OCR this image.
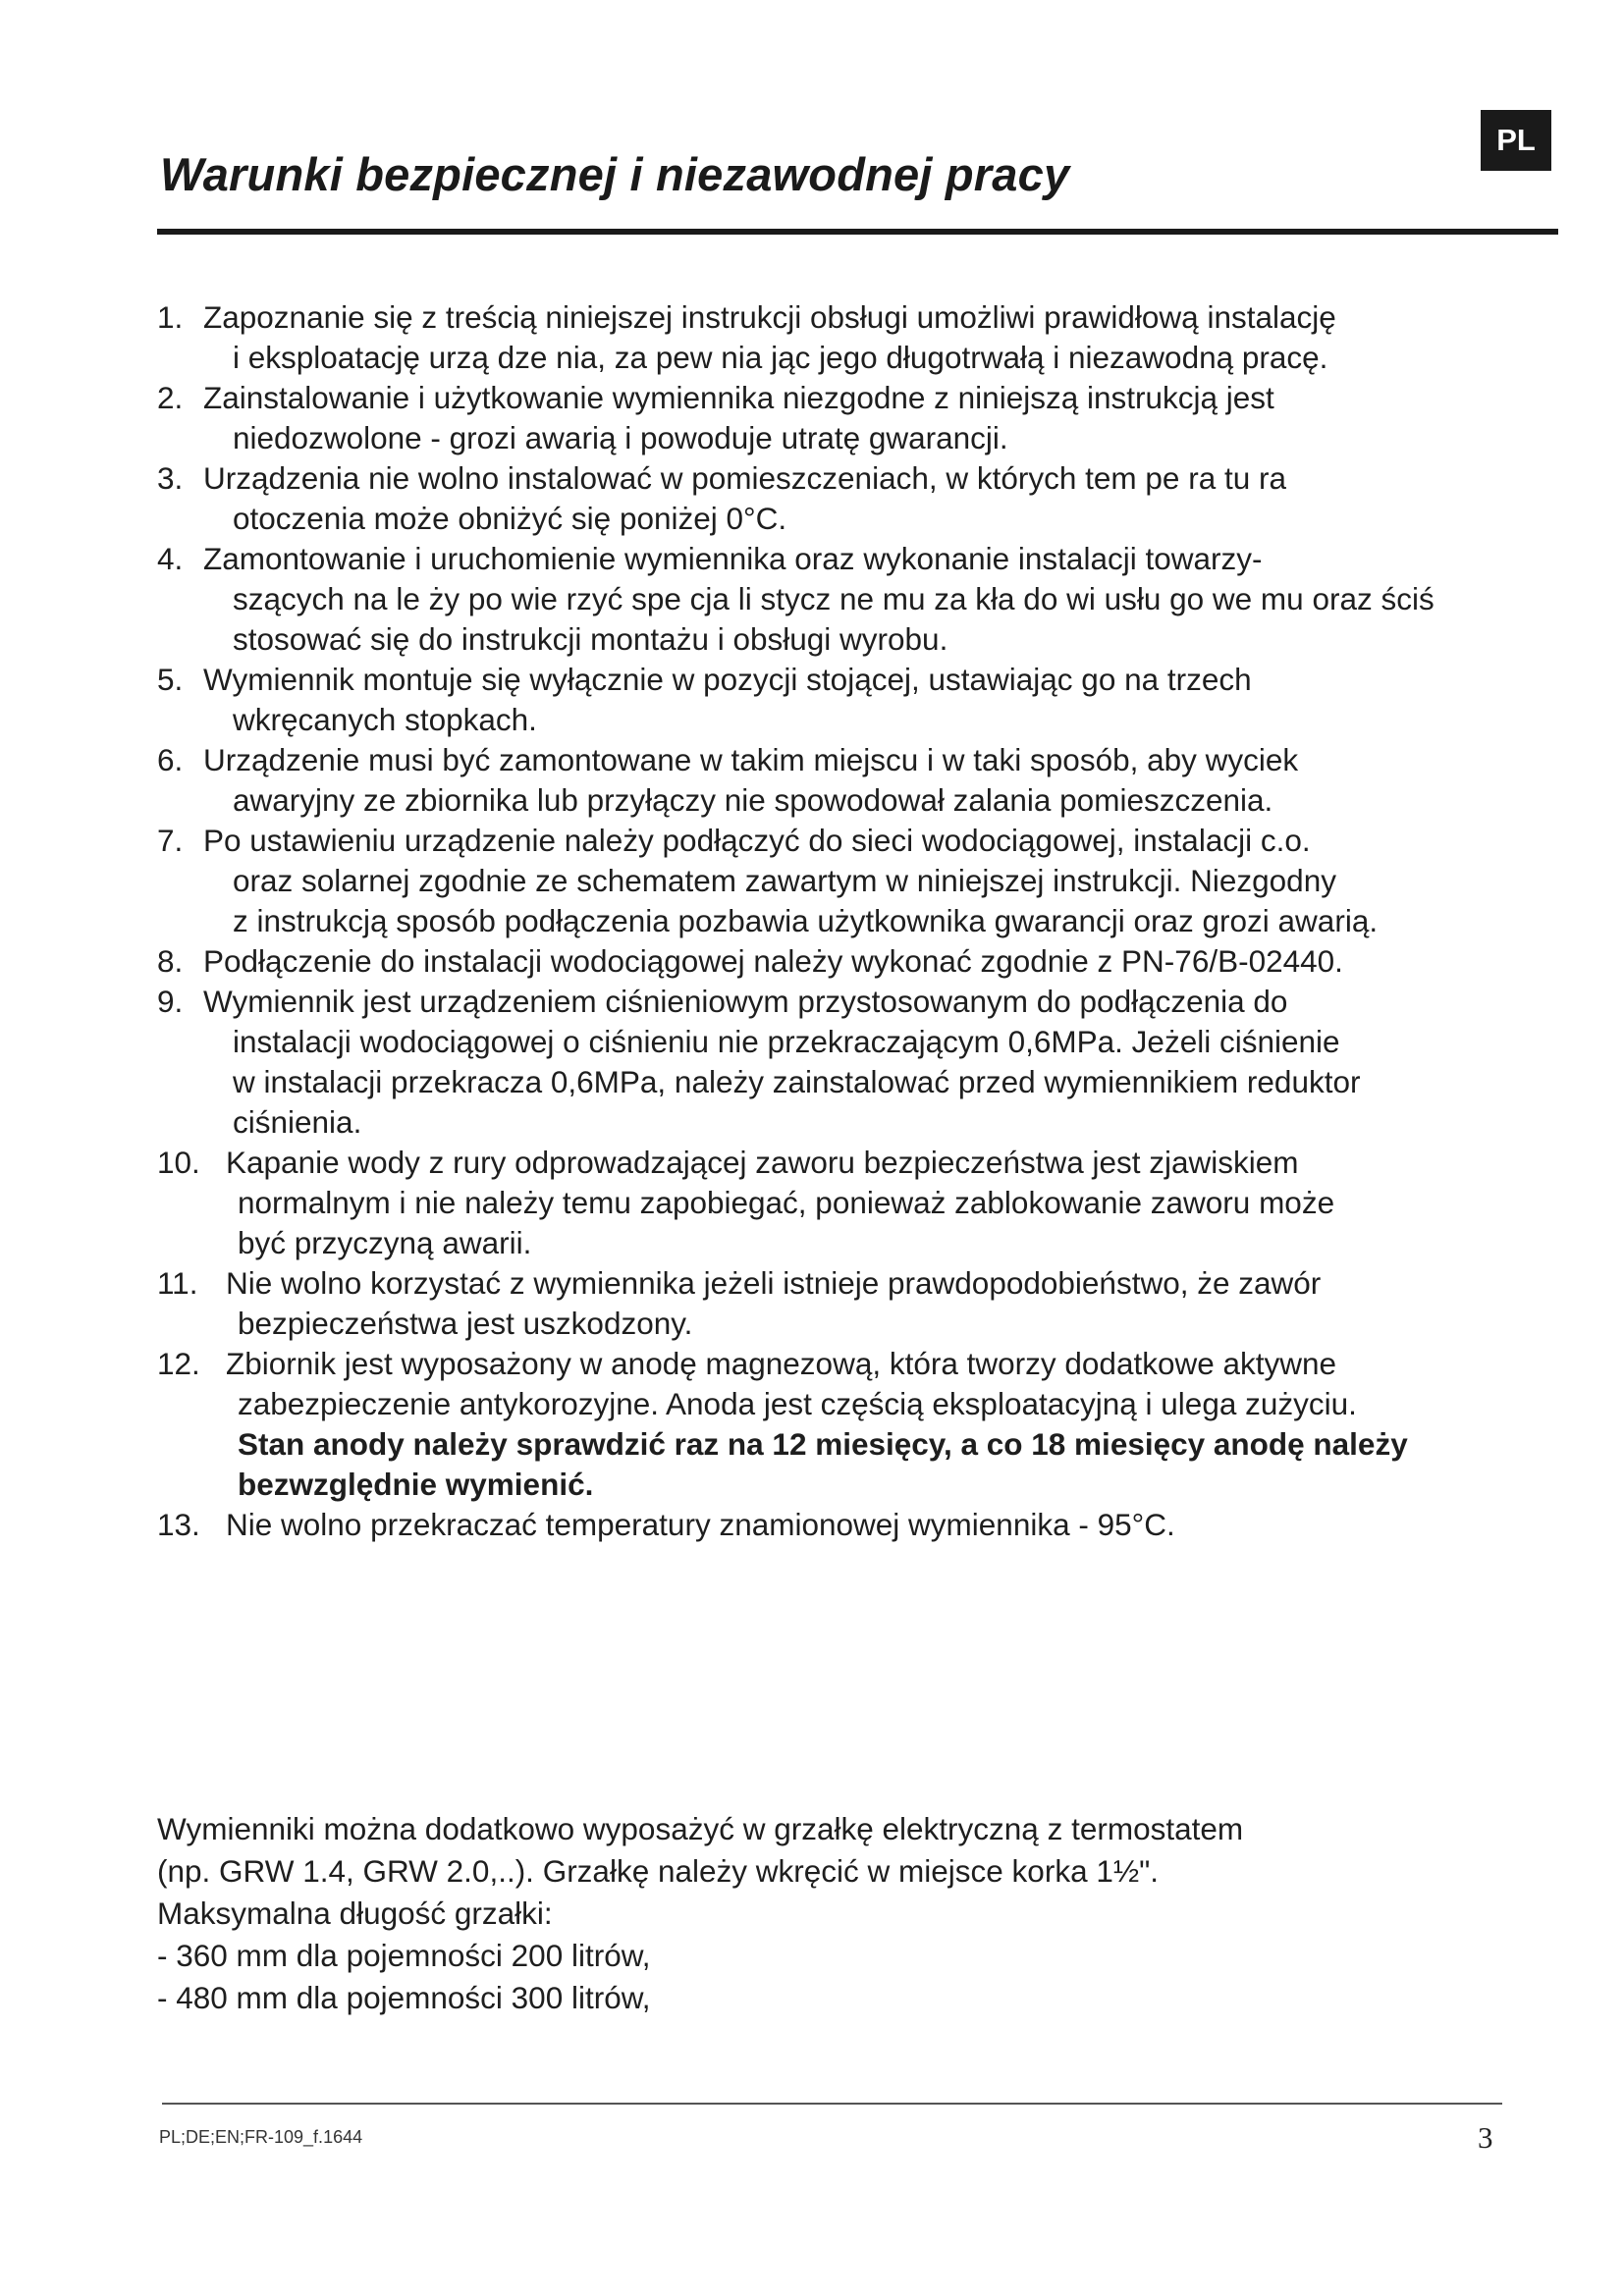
PL
Warunki bezpiecznej i niezawodnej pracy
1. Zapoznanie się z treścią niniejszej instrukcji obsługi umożliwi prawidłową instalację
i eksploatację urzą dze nia, za pew nia jąc jego długotrwałą i niezawodną pracę.
2. Zainstalowanie i użytkowanie wymiennika niezgodne z niniejszą instrukcją jest
niedozwolone - grozi awarią i powoduje utratę gwarancji.
3. Urządzenia nie wolno instalować w pomieszczeniach, w których tem pe ra tu ra
otoczenia może obniżyć się poniżej 0°C.
4. Zamontowanie i uruchomienie wymiennika oraz wykonanie instalacji towarzy-
szących na le ży po wie rzyć spe cja li stycz ne mu za kła do wi usłu go we mu oraz ściś
stosować się do instrukcji montażu i obsługi wyrobu.
5. Wymiennik montuje się wyłącznie w pozycji stojącej, ustawiając go na trzech
wkręcanych stopkach.
6. Urządzenie musi być zamontowane w takim miejscu i w taki sposób, aby wyciek
awaryjny ze zbiornika lub przyłączy nie spowodował zalania pomieszczenia.
7. Po ustawieniu urządzenie należy podłączyć do sieci wodociągowej, instalacji c.o.
oraz solarnej zgodnie ze schematem zawartym w niniejszej instrukcji. Niezgodny
z instrukcją sposób podłączenia pozbawia użytkownika gwarancji oraz grozi awarią.
8. Podłączenie do instalacji wodociągowej należy wykonać zgodnie z PN-76/B-02440.
9. Wymiennik jest urządzeniem ciśnieniowym przystosowanym do podłączenia do
instalacji wodociągowej o ciśnieniu nie przekraczającym 0,6MPa. Jeżeli ciśnienie
w instalacji przekracza 0,6MPa, należy zainstalować przed wymiennikiem reduktor
ciśnienia.
10. Kapanie wody z rury odprowadzającej zaworu bezpieczeństwa jest zjawiskiem
normalnym i nie należy temu zapobiegać, ponieważ zablokowanie zaworu może
być przyczyną awarii.
11. Nie wolno korzystać z wymiennika jeżeli istnieje prawdopodobieństwo, że zawór
bezpieczeństwa jest uszkodzony.
12. Zbiornik jest wyposażony w anodę magnezową, która tworzy dodatkowe aktywne
zabezpieczenie antykorozyjne. Anoda jest częścią eksploatacyjną i ulega zużyciu.
Stan anody należy sprawdzić raz na 12 miesięcy, a co 18 miesięcy anodę należy
bezwzględnie wymienić.
13. Nie wolno przekraczać temperatury znamionowej wymiennika - 95°C.
Wymienniki można dodatkowo wyposażyć w grzałkę elektryczną z termostatem
(np. GRW 1.4, GRW 2.0,..). Grzałkę należy wkręcić w miejsce korka 1½".
Maksymalna długość grzałki:
- 360 mm dla pojemności 200 litrów,
- 480 mm dla pojemności 300 litrów,
PL;DE;EN;FR-109_f.1644	3
